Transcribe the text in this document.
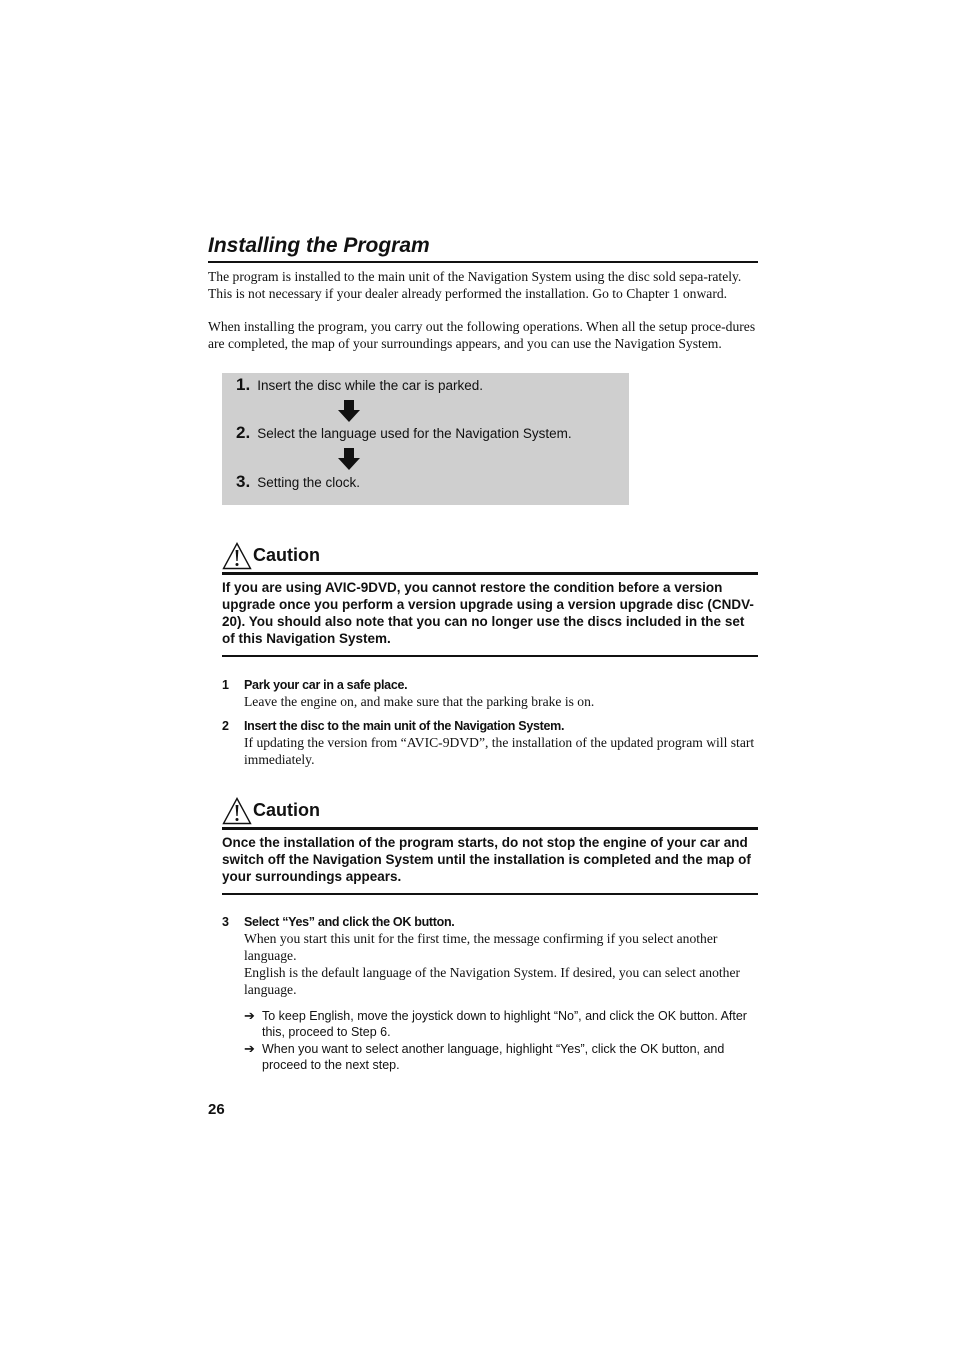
Installing the Program

The program is installed to the main unit of the Navigation System using the disc sold sepa-rately. This is not necessary if your dealer already performed the installation. Go to Chapter 1 onward.

When installing the program, you carry out the following operations. When all the setup proce-dures are completed, the map of your surroundings appears, and you can use the Navigation System.

1. Insert the disc while the car is parked.
2. Select the language used for the Navigation System.
3. Setting the clock.
Caution

If you are using AVIC-9DVD, you cannot restore the condition before a version upgrade once you perform a version upgrade using a version upgrade disc (CNDV-20). You should also note that you can no longer use the discs included in the set of this Navigation System.

1 Park your car in a safe place.

Leave the engine on, and make sure that the parking brake is on.

2 Insert the disc to the main unit of the Navigation System.

If updating the version from “AVIC-9DVD”, the installation of the updated program will start immediately.

Caution

Once the installation of the program starts, do not stop the engine of your car and switch off the Navigation System until the installation is completed and the map of your surroundings appears.

3 Select “Yes” and click the OK button.
When you start this unit for the first time, the message confirming if you select another language.
English is the default language of the Navigation System. If desired, you can select another language.
➔ To keep English, move the joystick down to highlight “No”, and click the OK button. After this, proceed to Step 6.
➔ When you want to select another language, highlight “Yes”, click the OK button, and proceed to the next step.
26
